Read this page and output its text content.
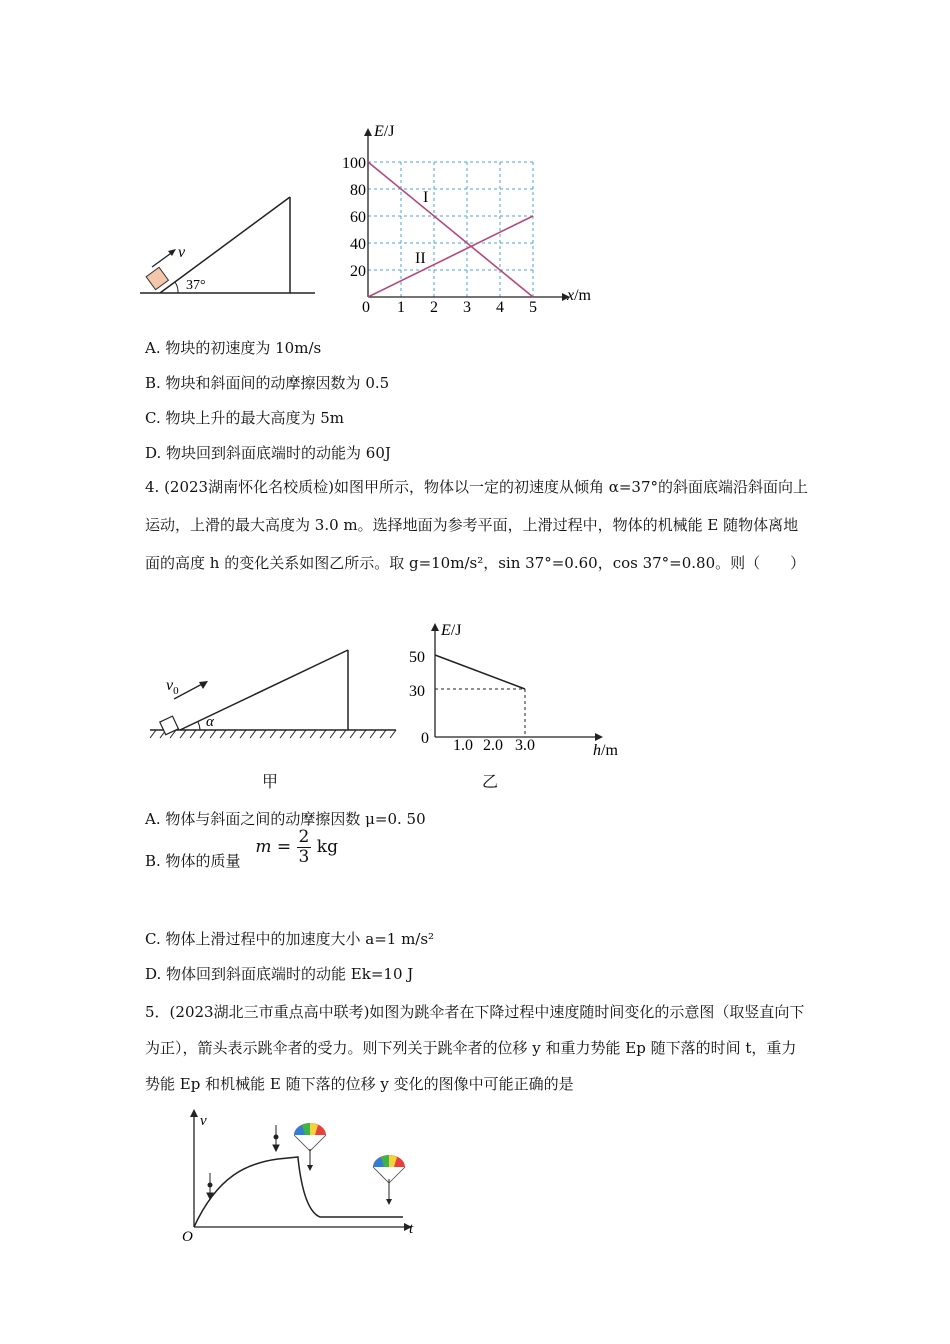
v
37°
E/J
x/m
100
80
60
40
20
0 1 2 3 4 5
I
II
A. 物块的初速度为 10m/s
B. 物块和斜面间的动摩擦因数为 0.5
C. 物块上升的最大高度为 5m
D. 物块回到斜面底端时的动能为 60J
4. (2023湖南怀化名校质检)如图甲所示，物体以一定的初速度从倾角 α=37°的斜面底端沿斜面向上运动，上滑的最大高度为 3.0 m。选择地面为参考平面，上滑过程中，物体的机械能 E 随物体离地面的高度 h 的变化关系如图乙所示。取 g=10m/s²，sin 37°=0.60，cos 37°=0.80。则（　　）
$v_0$
α
甲
E/J
h/m
50
30
0 1.0 2.0 3.0
乙
A. 物体与斜面之间的动摩擦因数 μ=0. 50
B. 物体的质量 $m = \frac{2}{3}$ kg
C. 物体上滑过程中的加速度大小 a=1 m/s²
D. 物体回到斜面底端时的动能 Ek=10 J
5．(2023湖北三市重点高中联考)如图为跳伞者在下降过程中速度随时间变化的示意图（取竖直向下为正），箭头表示跳伞者的受力。则下列关于跳伞者的位移 y 和重力势能 Ep 随下落的时间 t，重力势能 Ep 和机械能 E 随下落的位移 y 变化的图像中可能正确的是
v
t
O
